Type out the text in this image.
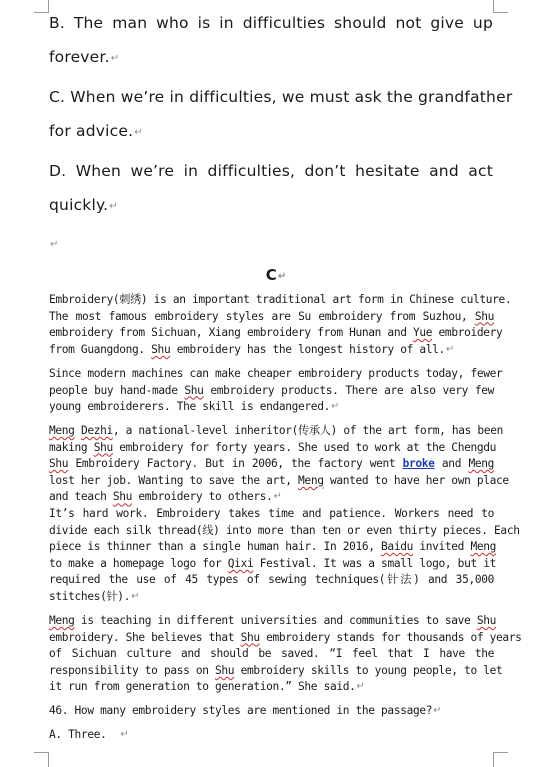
B. The man who is in difficulties should not give up
forever.↵
C. When we’re in difficulties, we must ask the grandfather
for advice.↵
D. When we’re in difficulties, don’t hesitate and act
quickly.↵
↵
C↵
Embroidery(刺绣) is an important traditional art form in Chinese culture.
The most famous embroidery styles are Su embroidery from Suzhou, Shu
embroidery from Sichuan, Xiang embroidery from Hunan and Yue embroidery
from Guangdong. Shu embroidery has the longest history of all.↵
Since modern machines can make cheaper embroidery products today, fewer
people buy hand-made Shu embroidery products. There are also very few
young embroiderers. The skill is endangered.↵
Meng Dezhi, a national-level inheritor(传承人) of the art form, has been
making Shu embroidery for forty years. She used to work at the Chengdu
Shu Embroidery Factory. But in 2006, the factory went broke and Meng
lost her job. Wanting to save the art, Meng wanted to have her own place
and teach Shu embroidery to others.↵
It’s hard work. Embroidery takes time and patience. Workers need to
divide each silk thread(线) into more than ten or even thirty pieces. Each
piece is thinner than a single human hair. In 2016, Baidu invited Meng
to make a homepage logo for Qixi Festival. It was a small logo, but it
required the use of 45 types of sewing techniques(针法) and 35,000
stitches(针).↵
Meng is teaching in different universities and communities to save Shu
embroidery. She believes that Shu embroidery stands for thousands of years
of Sichuan culture and should be saved. “I feel that I have the
responsibility to pass on Shu embroidery skills to young people, to let
it run from generation to generation.” She said.↵
46. How many embroidery styles are mentioned in the passage?↵
A. Three. ↵
